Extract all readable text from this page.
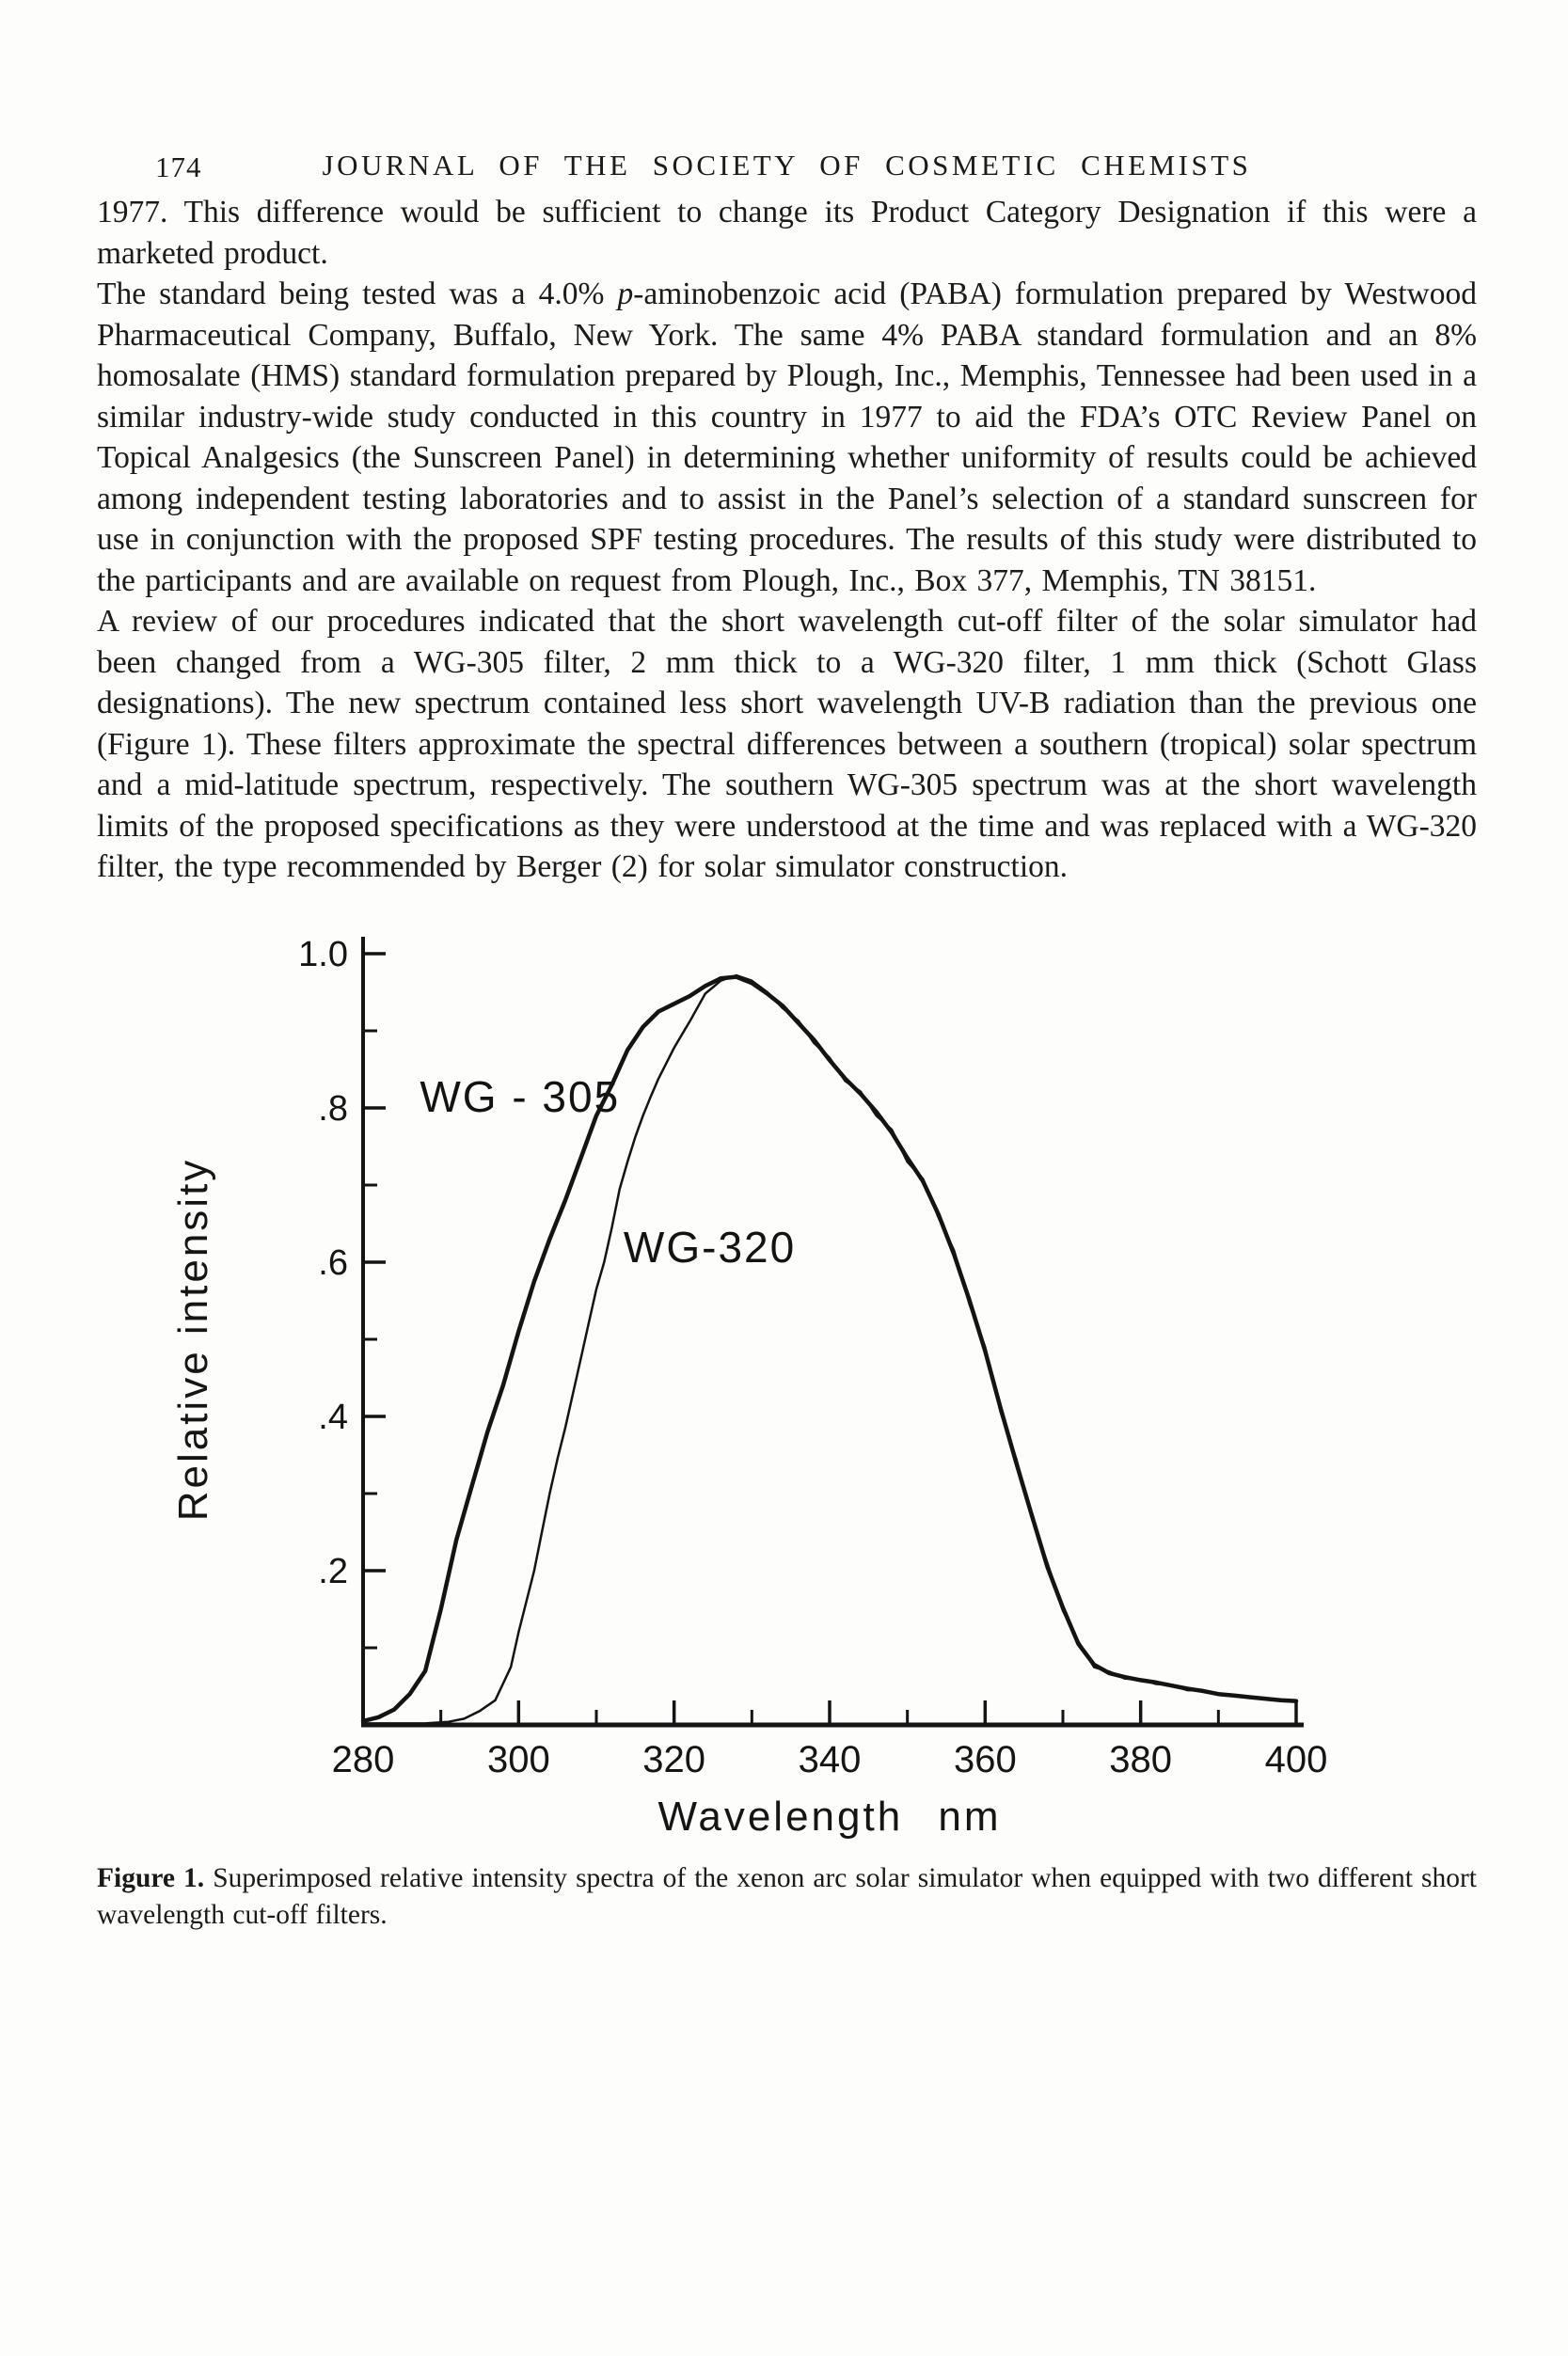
174	JOURNAL OF THE SOCIETY OF COSMETIC CHEMISTS

1977. This difference would be sufficient to change its Product Category Designation if this were a marketed product.

The standard being tested was a 4.0% p-aminobenzoic acid (PABA) formulation prepared by Westwood Pharmaceutical Company, Buffalo, New York. The same 4% PABA standard formulation and an 8% homosalate (HMS) standard formulation prepared by Plough, Inc., Memphis, Tennessee had been used in a similar industry-wide study conducted in this country in 1977 to aid the FDA’s OTC Review Panel on Topical Analgesics (the Sunscreen Panel) in determining whether uniformity of results could be achieved among independent testing laboratories and to assist in the Panel’s selection of a standard sunscreen for use in conjunction with the proposed SPF testing procedures. The results of this study were distributed to the participants and are available on request from Plough, Inc., Box 377, Memphis, TN 38151.

A review of our procedures indicated that the short wavelength cut-off filter of the solar simulator had been changed from a WG-305 filter, 2 mm thick to a WG-320 filter, 1 mm thick (Schott Glass designations). The new spectrum contained less short wavelength UV-B radiation than the previous one (Figure 1). These filters approximate the spectral differences between a southern (tropical) solar spectrum and a mid-latitude spectrum, respectively. The southern WG-305 spectrum was at the short wavelength limits of the proposed specifications as they were understood at the time and was replaced with a WG-320 filter, the type recommended by Berger (2) for solar simulator construction.

280 300 320 340 360 380 400
1.0
.8
.6
.4
.2
Wavelength nm
Relative intensity
WG - 305
WG-320
Figure 1. Superimposed relative intensity spectra of the xenon arc solar simulator when equipped with two different short wavelength cut-off filters.
